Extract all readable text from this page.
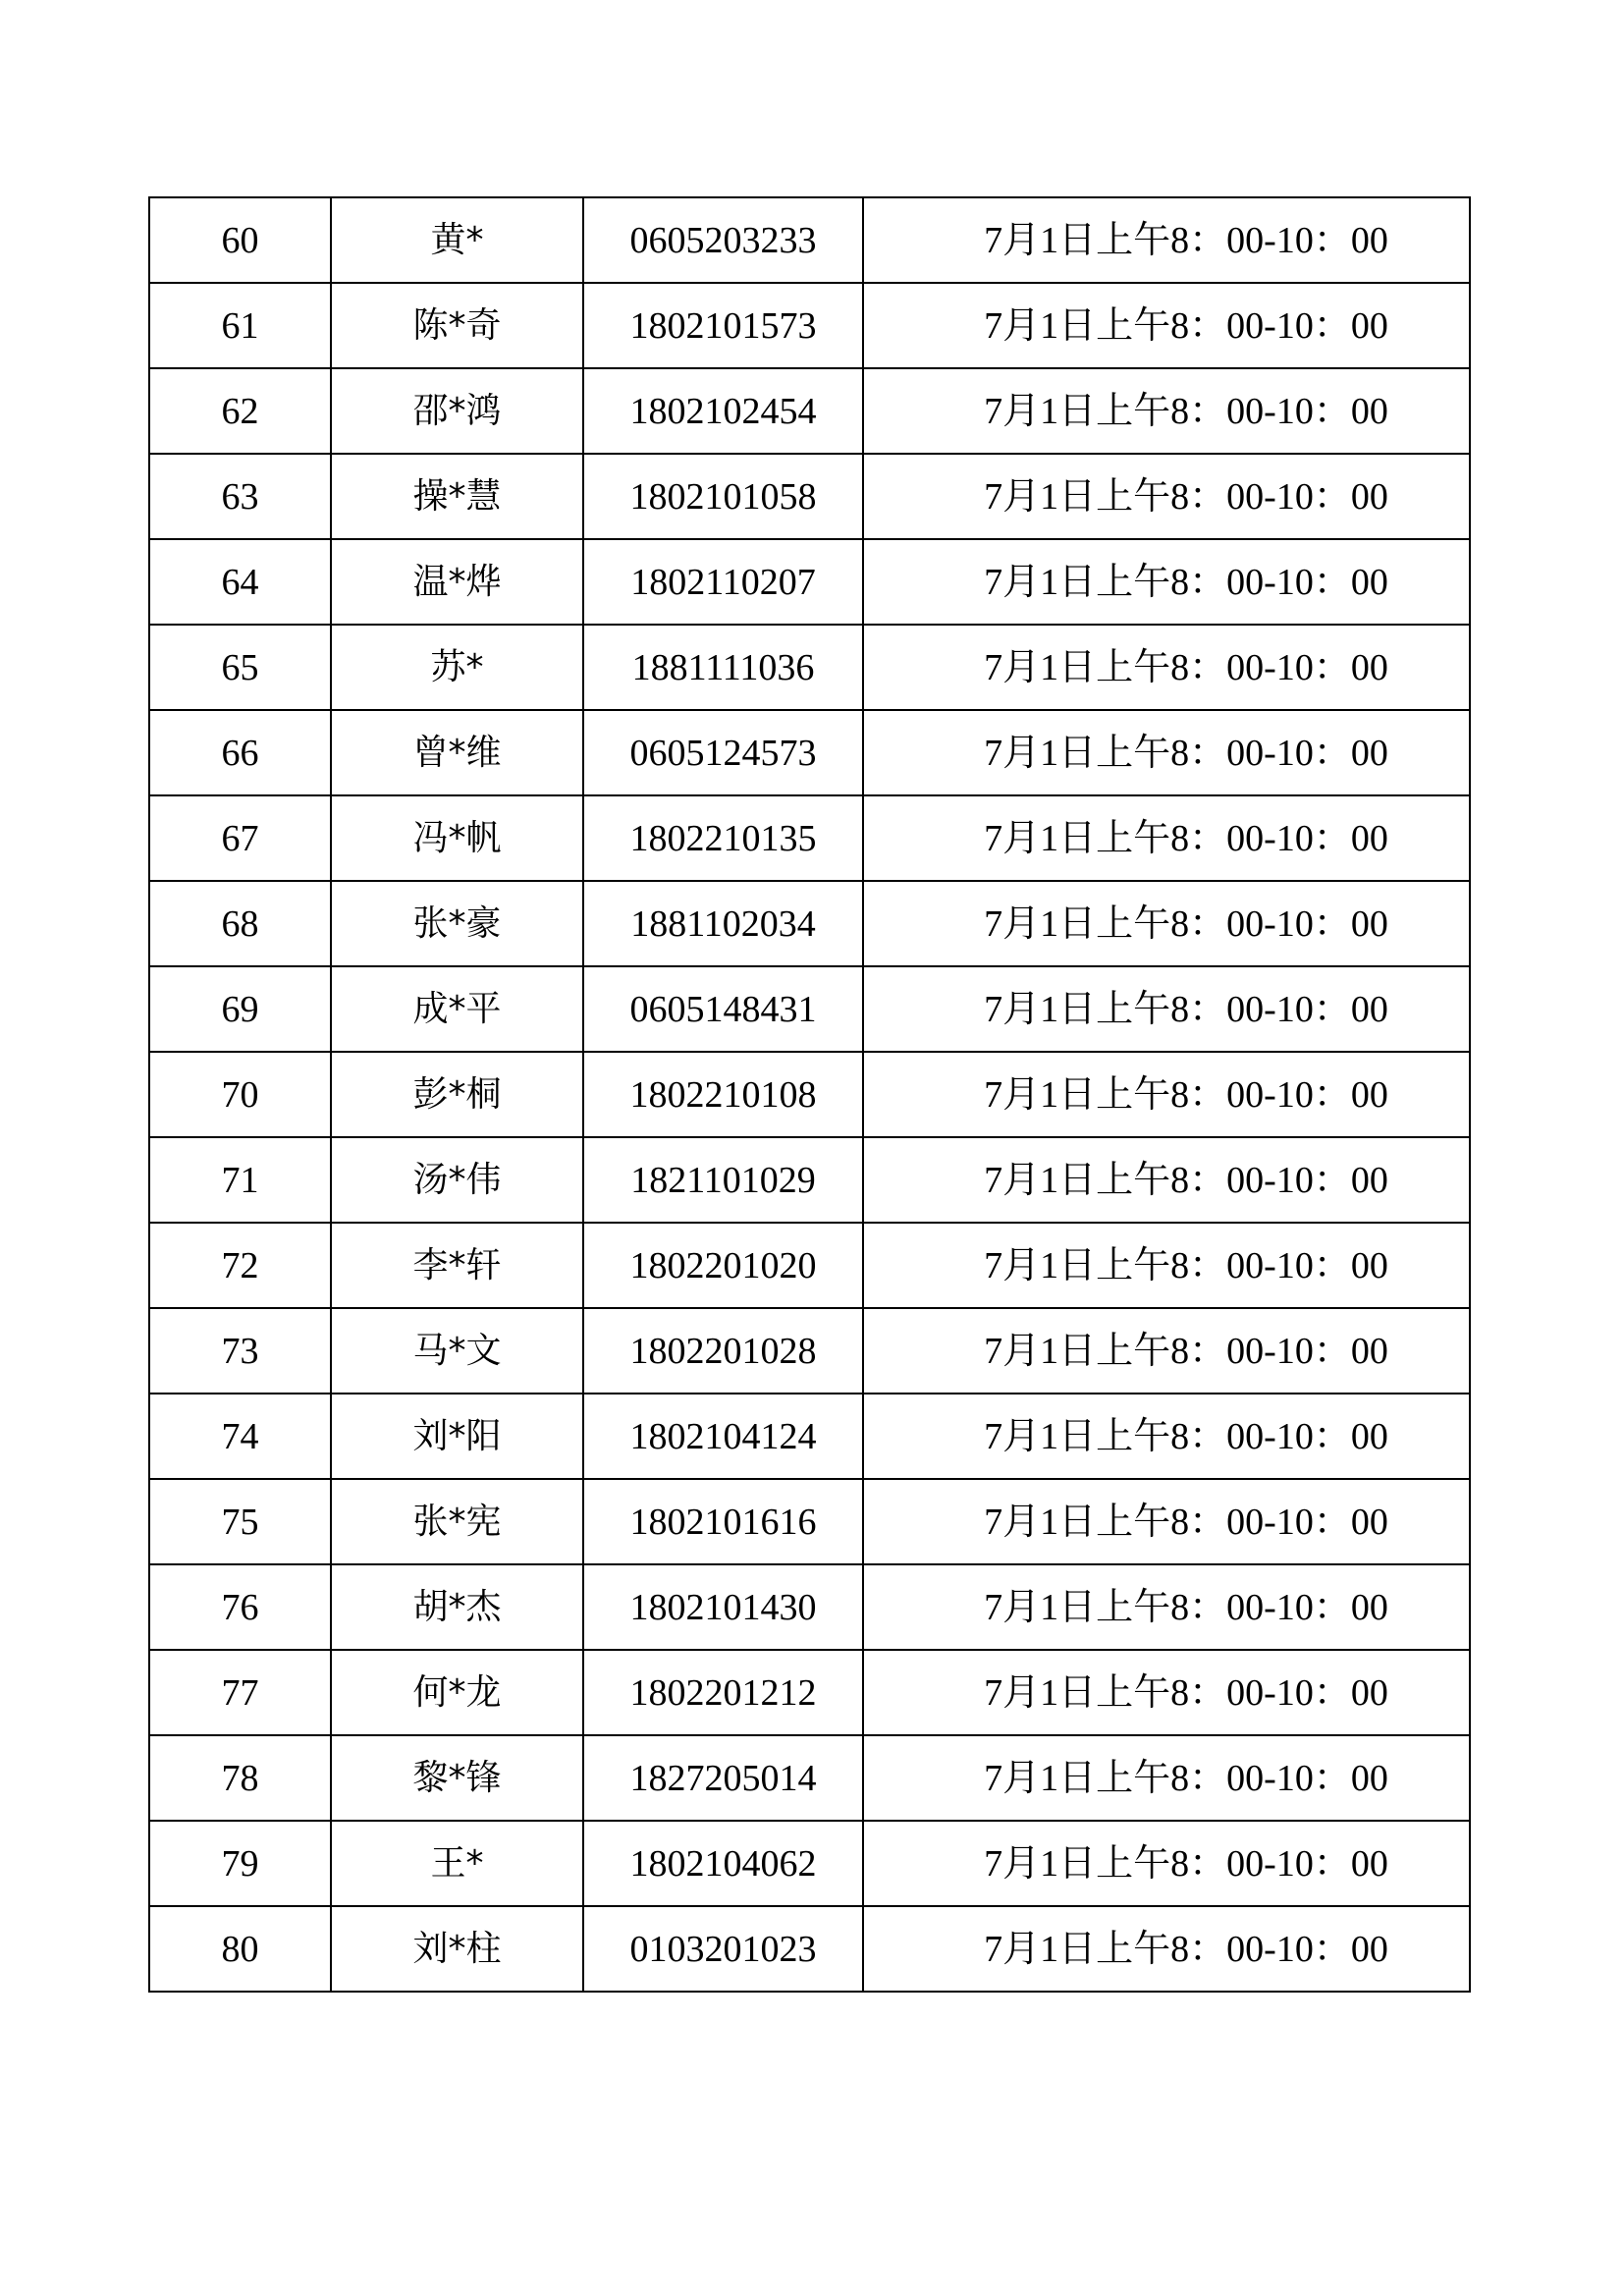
60	黄*	0605203233	7月1日上午8：00-10：00
61	陈*奇	1802101573	7月1日上午8：00-10：00
62	邵*鸿	1802102454	7月1日上午8：00-10：00
63	操*慧	1802101058	7月1日上午8：00-10：00
64	温*烨	1802110207	7月1日上午8：00-10：00
65	苏*	1881111036	7月1日上午8：00-10：00
66	曾*维	0605124573	7月1日上午8：00-10：00
67	冯*帆	1802210135	7月1日上午8：00-10：00
68	张*豪	1881102034	7月1日上午8：00-10：00
69	成*平	0605148431	7月1日上午8：00-10：00
70	彭*桐	1802210108	7月1日上午8：00-10：00
71	汤*伟	1821101029	7月1日上午8：00-10：00
72	李*轩	1802201020	7月1日上午8：00-10：00
73	马*文	1802201028	7月1日上午8：00-10：00
74	刘*阳	1802104124	7月1日上午8：00-10：00
75	张*宪	1802101616	7月1日上午8：00-10：00
76	胡*杰	1802101430	7月1日上午8：00-10：00
77	何*龙	1802201212	7月1日上午8：00-10：00
78	黎*锋	1827205014	7月1日上午8：00-10：00
79	王*	1802104062	7月1日上午8：00-10：00
80	刘*柱	0103201023	7月1日上午8：00-10：00
